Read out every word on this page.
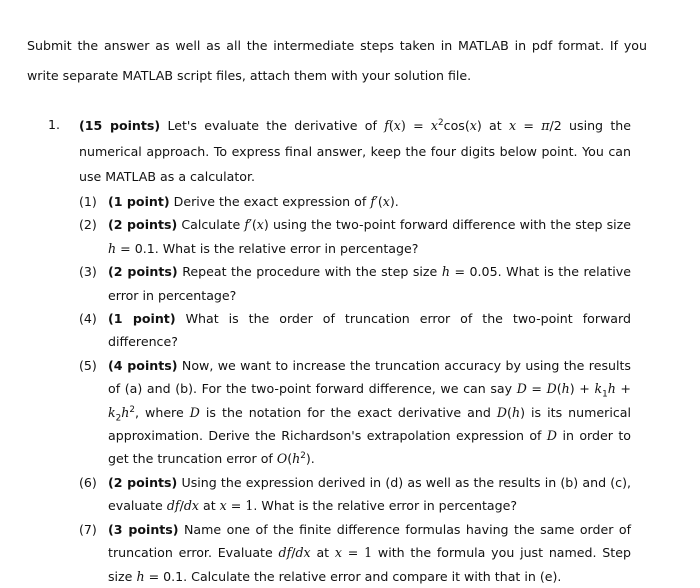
Submit the answer as well as all the intermediate steps taken in MATLAB in pdf format. If you write separate MATLAB script files, attach them with your solution file.
1. (15 points) Let's evaluate the derivative of $f(x) = x^2\cos(x)$ at x = π/2 using the numerical approach. To express final answer, keep the four digits below point. You can use MATLAB as a calculator.
(1) (1 point) Derive the exact expression of f′(x).
(2) (2 points) Calculate f′(x) using the two-point forward difference with the step size h = 0.1. What is the relative error in percentage?
(3) (2 points) Repeat the procedure with the step size h = 0.05. What is the relative error in percentage?
(4) (1 point) What is the order of truncation error of the two-point forward difference?
(5) (4 points) Now, we want to increase the truncation accuracy by using the results of (a) and (b). For the two-point forward difference, we can say $D = D(h) + k_1h + k_2h^2$, where D is the notation for the exact derivative and D(h) is its numerical approximation. Derive the Richardson's extrapolation expression of D in order to get the truncation error of $O(h^2)$.
(6) (2 points) Using the expression derived in (d) as well as the results in (b) and (c), evaluate df/dx at x = 1. What is the relative error in percentage?
(7) (3 points) Name one of the finite difference formulas having the same order of truncation error. Evaluate df/dx at x = 1 with the formula you just named. Step size h = 0.1. Calculate the relative error and compare it with that in (e).
